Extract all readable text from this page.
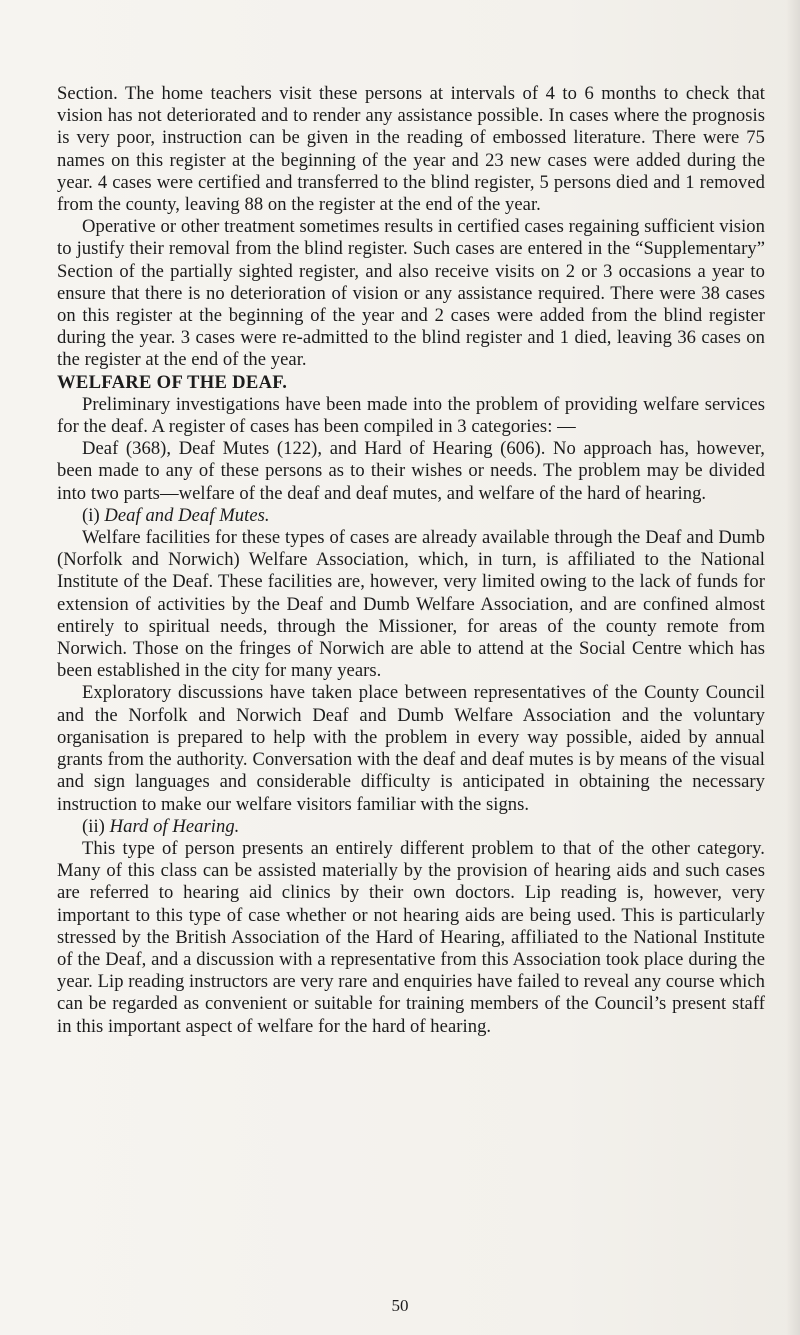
Section. The home teachers visit these persons at intervals of 4 to 6 months to check that vision has not deteriorated and to render any assistance possible. In cases where the prognosis is very poor, instruction can be given in the reading of embossed literature. There were 75 names on this register at the beginning of the year and 23 new cases were added during the year. 4 cases were certified and transferred to the blind register, 5 persons died and 1 removed from the county, leaving 88 on the register at the end of the year.

Operative or other treatment sometimes results in certified cases regaining sufficient vision to justify their removal from the blind register. Such cases are entered in the “Supplementary” Section of the partially sighted register, and also receive visits on 2 or 3 occasions a year to ensure that there is no deterioration of vision or any assistance required. There were 38 cases on this register at the beginning of the year and 2 cases were added from the blind register during the year. 3 cases were re-admitted to the blind register and 1 died, leaving 36 cases on the register at the end of the year.

WELFARE OF THE DEAF.

Preliminary investigations have been made into the problem of providing welfare services for the deaf. A register of cases has been compiled in 3 categories: —

Deaf (368), Deaf Mutes (122), and Hard of Hearing (606). No approach has, however, been made to any of these persons as to their wishes or needs. The problem may be divided into two parts—welfare of the deaf and deaf mutes, and welfare of the hard of hearing.

(i) Deaf and Deaf Mutes.

Welfare facilities for these types of cases are already available through the Deaf and Dumb (Norfolk and Norwich) Welfare Association, which, in turn, is affiliated to the National Institute of the Deaf. These facilities are, however, very limited owing to the lack of funds for extension of activities by the Deaf and Dumb Welfare Association, and are confined almost entirely to spiritual needs, through the Missioner, for areas of the county remote from Norwich. Those on the fringes of Norwich are able to attend at the Social Centre which has been established in the city for many years.

Exploratory discussions have taken place between representatives of the County Council and the Norfolk and Norwich Deaf and Dumb Welfare Association and the voluntary organisation is prepared to help with the problem in every way possible, aided by annual grants from the authority. Conversation with the deaf and deaf mutes is by means of the visual and sign languages and considerable difficulty is anticipated in obtaining the necessary instruction to make our welfare visitors familiar with the signs.

(ii) Hard of Hearing.

This type of person presents an entirely different problem to that of the other category. Many of this class can be assisted materially by the provision of hearing aids and such cases are referred to hearing aid clinics by their own doctors. Lip reading is, however, very important to this type of case whether or not hearing aids are being used. This is particularly stressed by the British Association of the Hard of Hearing, affiliated to the National Institute of the Deaf, and a discussion with a representative from this Association took place during the year. Lip reading instructors are very rare and enquiries have failed to reveal any course which can be regarded as convenient or suitable for training members of the Council’s present staff in this important aspect of welfare for the hard of hearing.

50
